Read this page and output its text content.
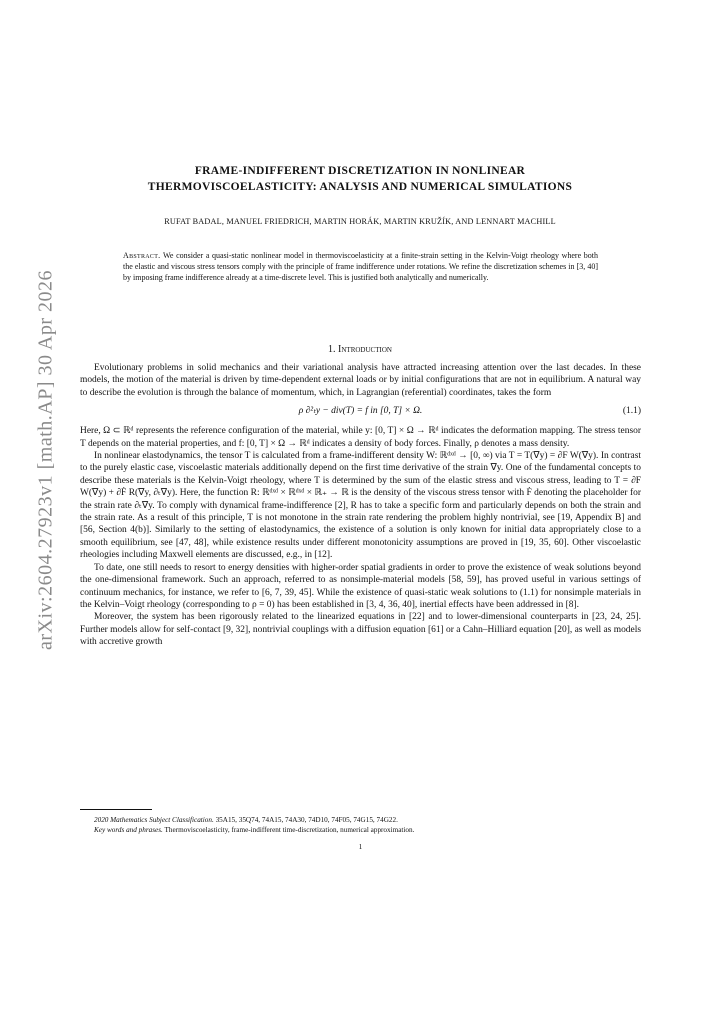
arXiv:2604.27923v1 [math.AP] 30 Apr 2026
FRAME-INDIFFERENT DISCRETIZATION IN NONLINEAR
THERMOVISCOELASTICITY: ANALYSIS AND NUMERICAL SIMULATIONS
RUFAT BADAL, MANUEL FRIEDRICH, MARTIN HORÁK, MARTIN KRUŽÍK, AND LENNART MACHILL
Abstract. We consider a quasi-static nonlinear model in thermoviscoelasticity at a finite-strain setting in the Kelvin-Voigt rheology where both the elastic and viscous stress tensors comply with the principle of frame indifference under rotations. We refine the discretization schemes in [3, 40] by imposing frame indifference already at a time-discrete level. This is justified both analytically and numerically.
1. Introduction

Evolutionary problems in solid mechanics and their variational analysis have attracted increasing attention over the last decades. In these models, the motion of the material is driven by time-dependent external loads or by initial configurations that are not in equilibrium. A natural way to describe the evolution is through the balance of momentum, which, in Lagrangian (referential) coordinates, takes the form

ρ ∂²ₜy − div(T) = f in [0, T] × Ω.	(1.1)

Here, Ω ⊂ ℝᵈ represents the reference configuration of the material, while y: [0, T] × Ω → ℝᵈ indicates the deformation mapping. The stress tensor T depends on the material properties, and f: [0, T] × Ω → ℝᵈ indicates a density of body forces. Finally, ρ denotes a mass density.

In nonlinear elastodynamics, the tensor T is calculated from a frame-indifferent density W: ℝᵈˣᵈ → [0, ∞) via T = T(∇y) = ∂F W(∇y). In contrast to the purely elastic case, viscoelastic materials additionally depend on the first time derivative of the strain ∇y. One of the fundamental concepts to describe these materials is the Kelvin-Voigt rheology, where T is determined by the sum of the elastic stress and viscous stress, leading to T = ∂F W(∇y) + ∂Ḟ R(∇y, ∂ₜ∇y). Here, the function R: ℝᵈˣᵈ × ℝᵈˣᵈ × ℝ₊ → ℝ is the density of the viscous stress tensor with Ḟ denoting the placeholder for the strain rate ∂ₜ∇y. To comply with dynamical frame-indifference [2], R has to take a specific form and particularly depends on both the strain and the strain rate. As a result of this principle, T is not monotone in the strain rate rendering the problem highly nontrivial, see [19, Appendix B] and [56, Section 4(b)]. Similarly to the setting of elastodynamics, the existence of a solution is only known for initial data appropriately close to a smooth equilibrium, see [47, 48], while existence results under different monotonicity assumptions are proved in [19, 35, 60]. Other viscoelastic rheologies including Maxwell elements are discussed, e.g., in [12].

To date, one still needs to resort to energy densities with higher-order spatial gradients in order to prove the existence of weak solutions beyond the one-dimensional framework. Such an approach, referred to as nonsimple-material models [58, 59], has proved useful in various settings of continuum mechanics, for instance, we refer to [6, 7, 39, 45]. While the existence of quasi-static weak solutions to (1.1) for nonsimple materials in the Kelvin–Voigt rheology (corresponding to ρ = 0) has been established in [3, 4, 36, 40], inertial effects have been addressed in [8].

Moreover, the system has been rigorously related to the linearized equations in [22] and to lower-dimensional counterparts in [23, 24, 25]. Further models allow for self-contact [9, 32], nontrivial couplings with a diffusion equation [61] or a Cahn–Hilliard equation [20], as well as models with accretive growth

2020 Mathematics Subject Classification. 35A15, 35Q74, 74A15, 74A30, 74D10, 74F05, 74G15, 74G22.
Key words and phrases. Thermoviscoelasticity, frame-indifferent time-discretization, numerical approximation.
1
